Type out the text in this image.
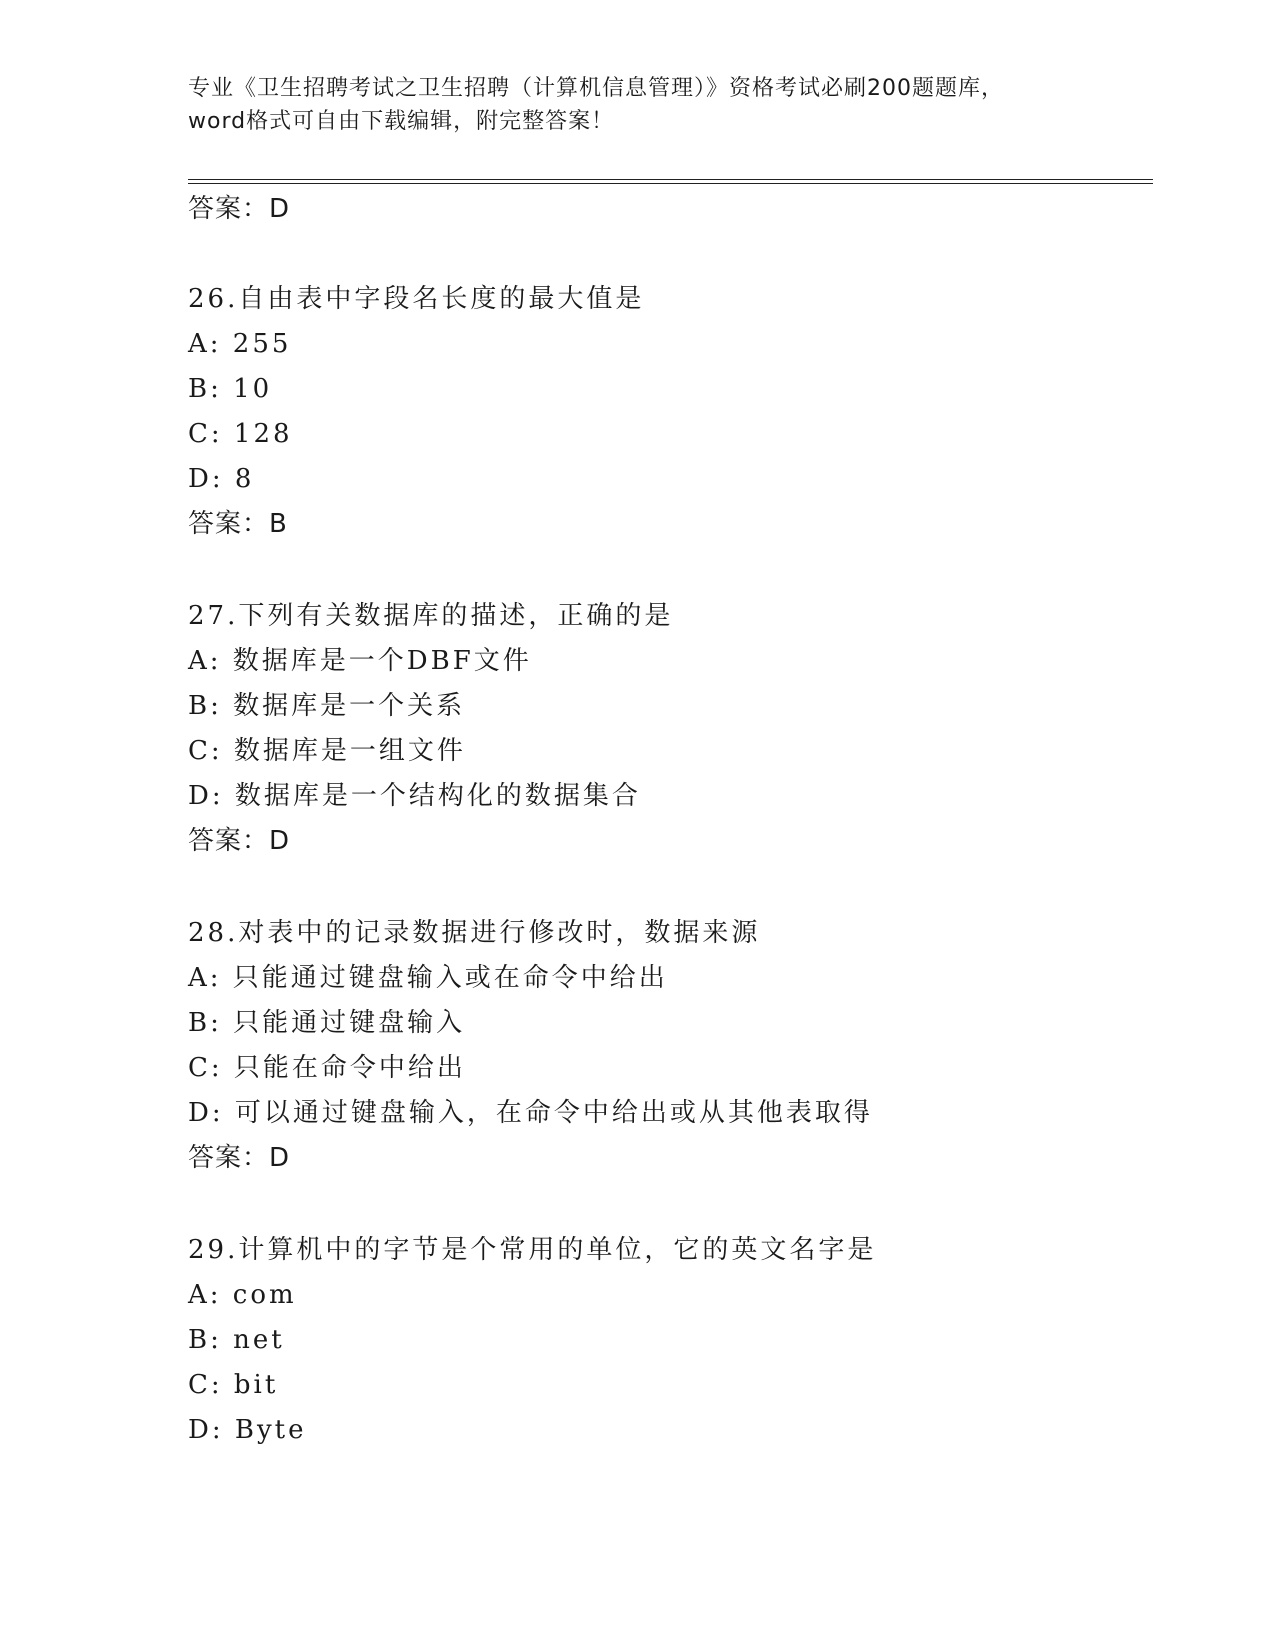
专业《卫生招聘考试之卫生招聘（计算机信息管理）》资格考试必刷200题题库，
word格式可自由下载编辑，附完整答案！
答案：D
26.自由表中字段名长度的最大值是
A: 255
B: 10
C: 128
D: 8
答案：B
27.下列有关数据库的描述，正确的是
A: 数据库是一个DBF文件
B: 数据库是一个关系
C: 数据库是一组文件
D: 数据库是一个结构化的数据集合
答案：D
28.对表中的记录数据进行修改时，数据来源
A: 只能通过键盘输入或在命令中给出
B: 只能通过键盘输入
C: 只能在命令中给出
D: 可以通过键盘输入，在命令中给出或从其他表取得
答案：D
29.计算机中的字节是个常用的单位，它的英文名字是
A: com
B: net
C: bit
D: Byte
